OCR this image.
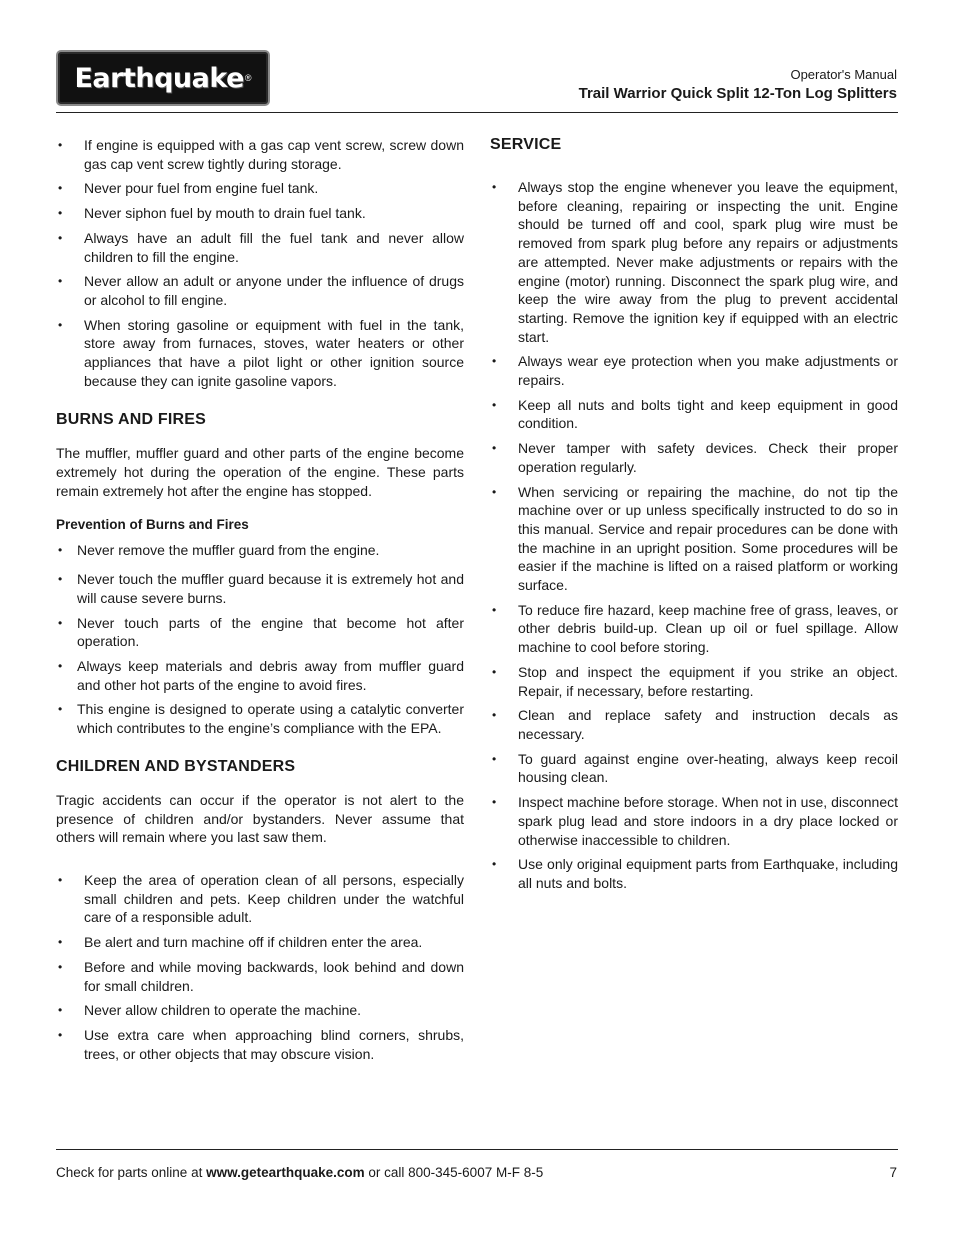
Earthquake ®	Operator's Manual
Trail Warrior Quick Split 12-Ton Log Splitters
• If engine is equipped with a gas cap vent screw, screw down gas cap vent screw tightly during storage.
• Never pour fuel from engine fuel tank.
• Never siphon fuel by mouth to drain fuel tank.
• Always have an adult fill the fuel tank and never allow children to fill the engine.
• Never allow an adult or anyone under the influence of drugs or alcohol to fill engine.
• When storing gasoline or equipment with fuel in the tank, store away from furnaces, stoves, water heaters or other appliances that have a pilot light or other ignition source because they can ignite gasoline vapors.
BURNS AND FIRES

The muffler, muffler guard and other parts of the engine become extremely hot during the operation of the engine. These parts remain extremely hot after the engine has stopped.

Prevention of Burns and Fires
• Never remove the muffler guard from the engine.
• Never touch the muffler guard because it is extremely hot and will cause severe burns.
• Never touch parts of the engine that become hot after operation.
• Always keep materials and debris away from muffler guard and other hot parts of the engine to avoid fires.
• This engine is designed to operate using a catalytic converter which contributes to the engine’s compliance with the EPA.
CHILDREN AND BYSTANDERS

Tragic accidents can occur if the operator is not alert to the presence of children and/or bystanders. Never assume that others will remain where you last saw them.

• Keep the area of operation clean of all persons, especially small children and pets. Keep children under the watchful care of a responsible adult.
• Be alert and turn machine off if children enter the area.
• Before and while moving backwards, look behind and down for small children.
• Never allow children to operate the machine.
• Use extra care when approaching blind corners, shrubs, trees, or other objects that may obscure vision.
SERVICE
• Always stop the engine whenever you leave the equipment, before cleaning, repairing or inspecting the unit. Engine should be turned off and cool, spark plug wire must be removed from spark plug before any repairs or adjustments are attempted. Never make adjustments or repairs with the engine (motor) running. Disconnect the spark plug wire, and keep the wire away from the plug to prevent accidental starting. Remove the ignition key if equipped with an electric start.
• Always wear eye protection when you make adjustments or repairs.
• Keep all nuts and bolts tight and keep equipment in good condition.
• Never tamper with safety devices. Check their proper operation regularly.
• When servicing or repairing the machine, do not tip the machine over or up unless specifically instructed to do so in this manual. Service and repair procedures can be done with the machine in an upright position. Some procedures will be easier if the machine is lifted on a raised platform or working surface.
• To reduce fire hazard, keep machine free of grass, leaves, or other debris build-up. Clean up oil or fuel spillage. Allow machine to cool before storing.
• Stop and inspect the equipment if you strike an object. Repair, if necessary, before restarting.
• Clean and replace safety and instruction decals as necessary.
• To guard against engine over-heating, always keep recoil housing clean.
• Inspect machine before storage. When not in use, disconnect spark plug lead and store indoors in a dry place locked or otherwise inaccessible to children.
• Use only original equipment parts from Earthquake, including all nuts and bolts.
Check for parts online at www.getearthquake.com or call 800-345-6007 M-F 8-5	7
